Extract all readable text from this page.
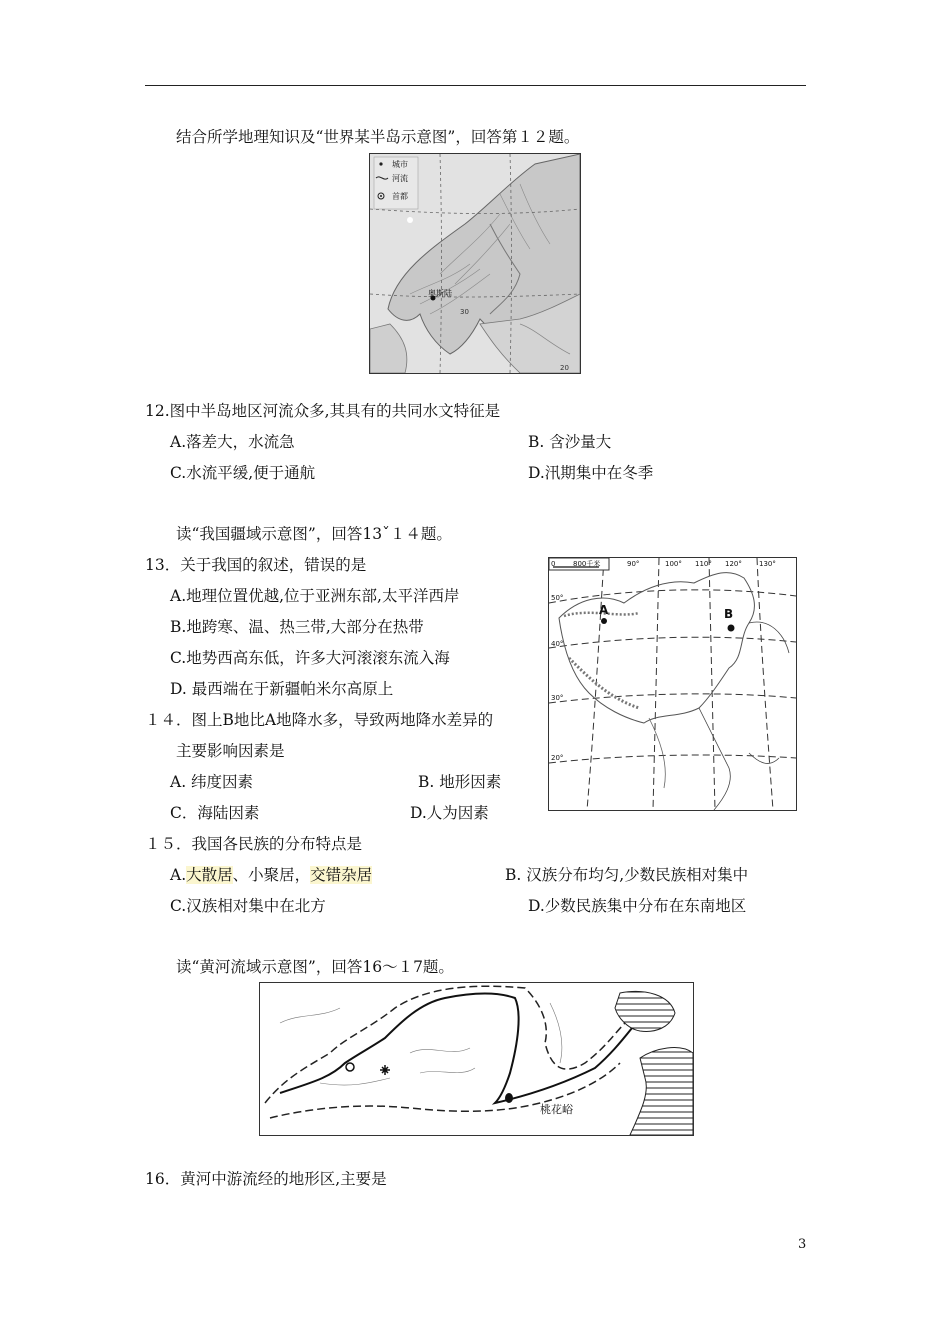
结合所学地理知识及“世界某半岛示意图”，回答第１２题。
城市
河流
首都
奥斯陆
30
20
12.图中半岛地区河流众多,其具有的共同水文特征是
A.落差大，水流急	B. 含沙量大
C.水流平缓,便于通航	D.汛期集中在冬季
读“我国疆域示意图”，回答13ˇ１４题。
13．关于我国的叙述，错误的是
A.地理位置优越,位于亚洲东部,太平洋西岸
B.地跨寒、温、热三带,大部分在热带
C.地势西高东低，许多大河滚滚东流入海
D. 最西端在于新疆帕米尔高原上
0	800千米	90°	100° 110° 120° 130°
50°
40°
30°
20°
A	B
１４．图上B地比A地降水多，导致两地降水差异的
主要影响因素是
A. 纬度因素	B. 地形因素
C．海陆因素	D.人为因素
１５．我国各民族的分布特点是
A.大散居、小聚居，交错杂居	B. 汉族分布均匀,少数民族相对集中
C.汉族相对集中在北方	D.少数民族集中分布在东南地区
读“黄河流域示意图”，回答16～１7题。
桃花峪
16．黄河中游流经的地形区,主要是
3
